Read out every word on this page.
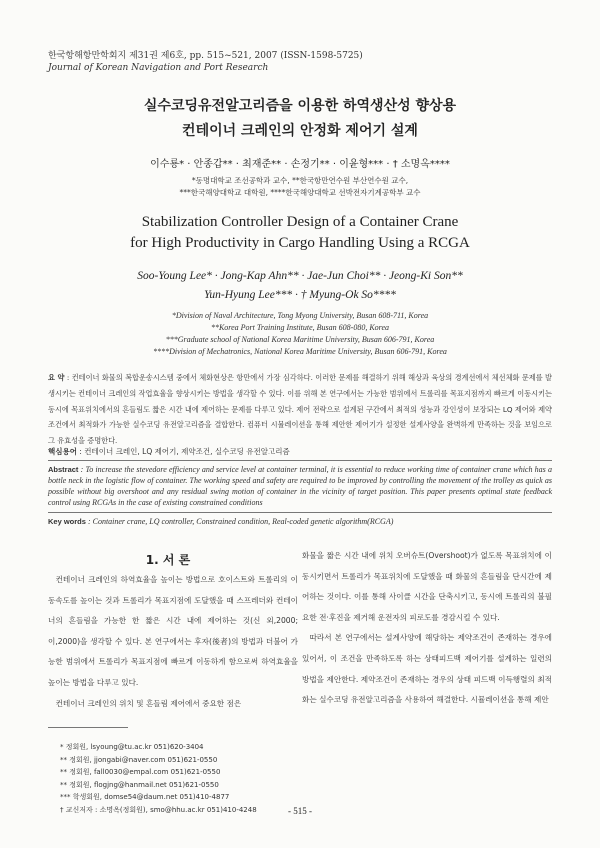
한국항해항만학회지 제31권 제6호, pp. 515~521, 2007 (ISSN-1598-5725)
Journal of Korean Navigation and Port Research
실수코딩유전알고리즘을 이용한 하역생산성 향상용
컨테이너 크레인의 안정화 제어기 설계
이수룡* · 안종갑** · 최재준** · 손정기** · 이윤형*** · † 소명옥****
*동명대학교 조선공학과 교수, **한국항만연수원 부산연수원 교수,
***한국해양대학교 대학원, ****한국해양대학교 선박전자기계공학부 교수
Stabilization Controller Design of a Container Crane
for High Productivity in Cargo Handling Using a RCGA
Soo-Young Lee* · Jong-Kap Ahn** · Jae-Jun Choi** · Jeong-Ki Son**
Yun-Hyung Lee*** · † Myung-Ok So****
*Division of Naval Architecture, Tong Myong University, Busan 608-711, Korea
**Korea Port Training Institute, Busan 608-080, Korea
***Graduate school of National Korea Maritime University, Busan 606-791, Korea
****Division of Mechatronics, National Korea Maritime University, Busan 606-791, Korea
요 약 : 컨테이너 화물의 복합운송시스템 중에서 체화현상은 항만에서 가장 심각하다. 이러한 문제를 해결하기 위해 해상과 육상의 경계선에서 체선체화 문제를 발생시키는 컨테이너 크레인의 작업효율을 향상시키는 방법을 생각할 수 있다. 이를 위해 본 연구에서는 가능한 범위에서 트롤리를 목표지점까지 빠르게 이동시키는 동시에 목표위치에서의 흔들림도 짧은 시간 내에 제어하는 문제를 다루고 있다. 제어 전략으로 설계된 구간에서 최적의 성능과 강인성이 보장되는 LQ 제어와 제약조건에서 최적화가 가능한 실수코딩 유전알고리즘을 결합한다. 컴퓨터 시뮬레이션을 통해 제안한 제어기가 설정한 설계사양을 완벽하게 만족하는 것을 보임으로 그 유효성을 증명한다.
핵심용어 : 컨테이너 크레인, LQ 제어기, 제약조건, 실수코딩 유전알고리즘
Abstract : To increase the stevedore efficiency and service level at container terminal, it is essential to reduce working time of container crane which has a bottle neck in the logistic flow of container. The working speed and safety are required to be improved by controlling the movement of the trolley as quick as possible without big overshoot and any residual swing motion of container in the vicinity of target position. This paper presents optimal state feedback control using RCGAs in the case of existing constrained conditions
Key words : Container crane, LQ controller, Constrained condition, Real-coded genetic algorithm(RCGA)
1. 서 론

컨테이너 크레인의 하역효율을 높이는 방법으로 호이스트와 트롤리의 이동속도를 높이는 것과 트롤리가 목표지점에 도달했을 때 스프레더와 컨테이너의 흔들림을 가능한 한 짧은 시간 내에 제어하는 것(신 외,2000; 이,2000)을 생각할 수 있다. 본 연구에서는 후자(後者)의 방법과 더불어 가능한 범위에서 트롤리가 목표지점에 빠르게 이동하게 함으로써 하역효율을 높이는 방법을 다루고 있다.

컨테이너 크레인의 위치 및 흔들림 제어에서 중요한 점은

화물을 짧은 시간 내에 위치 오버슈트(Overshoot)가 없도록 목표위치에 이동시키면서 트롤리가 목표위치에 도달했을 때 화물의 흔들림을 단시간에 제어하는 것이다. 이를 통해 사이클 시간을 단축시키고, 동시에 트롤리의 불필요한 전·후진을 제거해 운전자의 피로도를 경감시킬 수 있다.

따라서 본 연구에서는 설계사양에 해당하는 제약조건이 존재하는 경우에 있어서, 이 조건을 만족하도록 하는 상태피드백 제어기를 설계하는 일련의 방법을 제안한다. 제약조건이 존재하는 경우의 상태 피드백 이득행렬의 최적화는 실수코딩 유전알고리즘을 사용하여 해결한다. 시뮬레이션을 통해 제안

* 정회원, lsyoung@tu.ac.kr 051)620-3404
** 정회원, jjongabi@naver.com 051)621-0550
** 정회원, fall0030@empal.com 051)621-0550
** 정회원, flogjng@hanmail.net 051)621-0550
*** 학생회원, domse54@daum.net 051)410-4877
† 교신저자 : 소명옥(정회원), smo@hhu.ac.kr 051)410-4248	- 515 -
